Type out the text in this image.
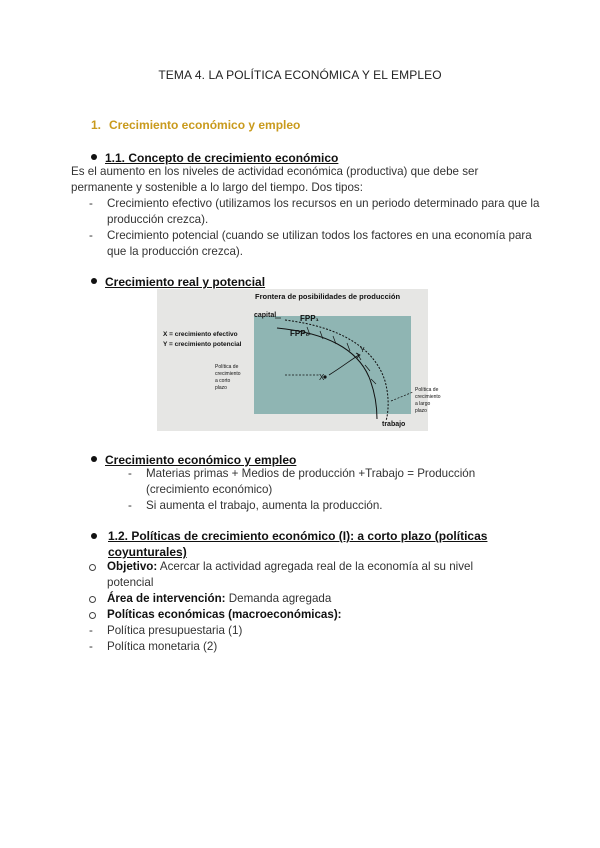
TEMA 4. LA POLÍTICA ECONÓMICA Y EL EMPLEO
1. Crecimiento económico y empleo
1.1. Concepto de crecimiento económico
Es el aumento en los niveles de actividad económica (productiva) que debe ser permanente y sostenible a lo largo del tiempo. Dos tipos:
- Crecimiento efectivo (utilizamos los recursos en un periodo determinado para que la producción crezca).
- Crecimiento potencial (cuando se utilizan todos los factores en una economía para que la producción crezca).
Crecimiento real y potencial
Frontera de posibilidades de producción
capital	FPP₁
FPP₀
X = crecimiento efectivo
Y = crecimiento potencial
Política de
crecimiento
a corto
plazo
X
Y
Política de
crecimiento
a largo
plazo
trabajo
Crecimiento económico y empleo
- Materias primas + Medios de producción +Trabajo = Producción (crecimiento económico)
- Si aumenta el trabajo, aumenta la producción.
1.2. Políticas de crecimiento económico (I): a corto plazo (políticas coyunturales)
Objetivo: Acercar la actividad agregada real de la economía al su nivel potencial
Área de intervención: Demanda agregada
Políticas económicas (macroeconómicas):
- Política presupuestaria (1)
- Política monetaria (2)
